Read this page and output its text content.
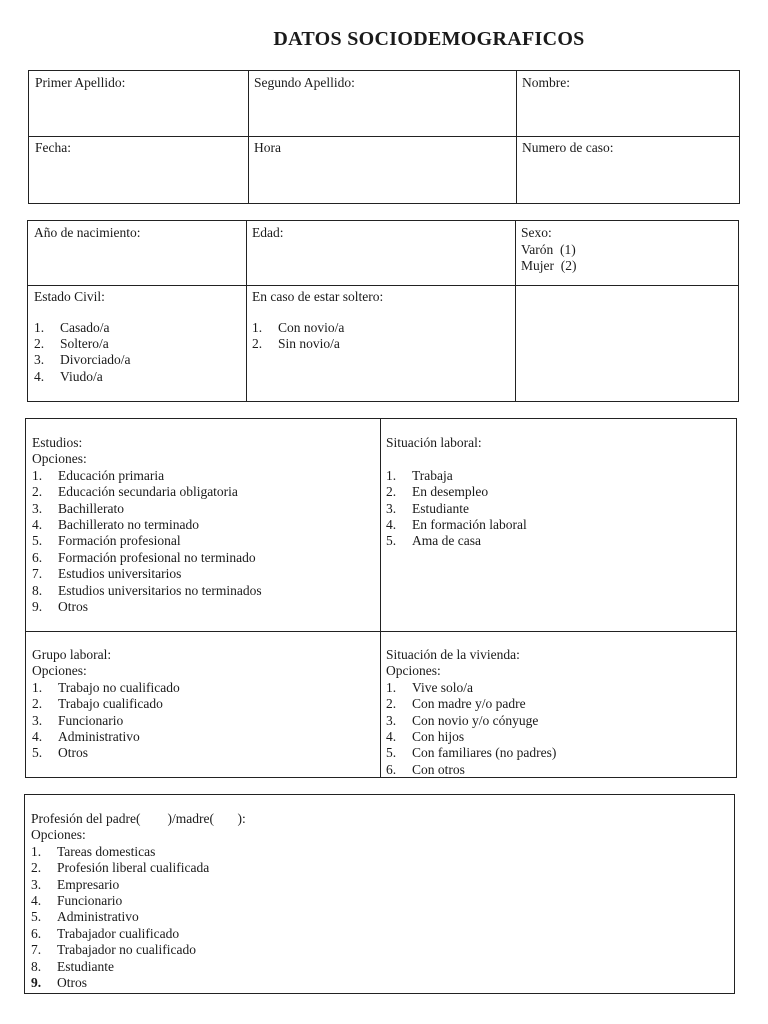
DATOS SOCIODEMOGRAFICOS
Primer Apellido:	Segundo Apellido:	Nombre:
Fecha:	Hora	Numero de caso:
Año de nacimiento:	Edad:	Sexo:
Varón  (1)
Mujer  (2)
Estado Civil:
1.	Casado/a
2.	Soltero/a
3.	Divorciado/a
4.	Viudo/a
En caso de estar soltero:
1.	Con novio/a
2.	Sin novio/a
Estudios:
Opciones:
1.	Educación primaria
2.	Educación secundaria obligatoria
3.	Bachillerato
4.	Bachillerato no terminado
5.	Formación profesional
6.	Formación profesional no terminado
7.	Estudios universitarios
8.	Estudios universitarios no terminados
9.	Otros
Situación laboral:
1.	Trabaja
2.	En desempleo
3.	Estudiante
4.	En formación laboral
5.	Ama de casa
Grupo laboral:
Opciones:
1.	Trabajo no cualificado
2.	Trabajo cualificado
3.	Funcionario
4.	Administrativo
5.	Otros
Situación de la vivienda:
Opciones:
1.	Vive solo/a
2.	Con madre y/o padre
3.	Con novio y/o cónyuge
4.	Con hijos
5.	Con familiares (no padres)
6.	Con otros
Profesión del padre(        )/madre(       ):
Opciones:
1.	Tareas domesticas
2.	Profesión liberal cualificada
3.	Empresario
4.	Funcionario
5.	Administrativo
6.	Trabajador cualificado
7.	Trabajador no cualificado
8.	Estudiante
9.	Otros
